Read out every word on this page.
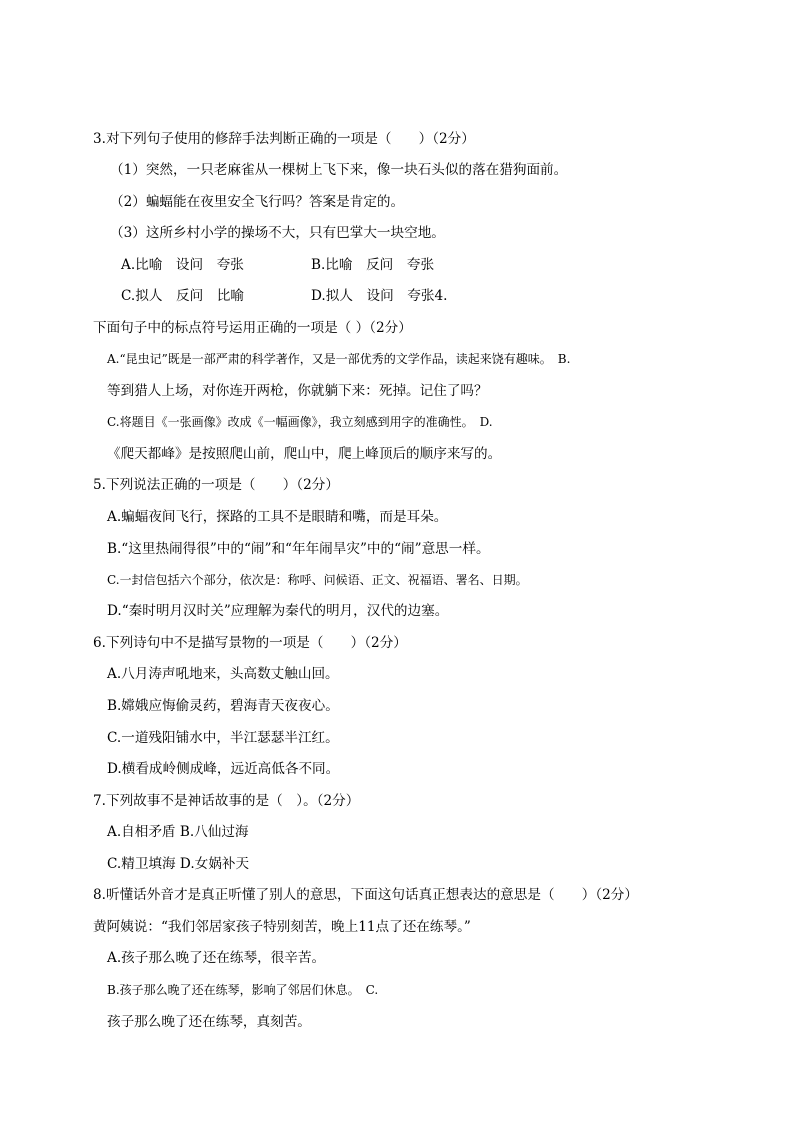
3.对下列句子使用的修辞手法判断正确的一项是（　　）（2分）
（1）突然，一只老麻雀从一棵树上飞下来，像一块石头似的落在猎狗面前。
（2）蝙蝠能在夜里安全飞行吗？答案是肯定的。
（3）这所乡村小学的操场不大，只有巴掌大一块空地。
A.比喻　设问　夸张	B.比喻　反问　夸张
C.拟人　反问　比喻	D.拟人　设问　夸张4.
下面句子中的标点符号运用正确的一项是（ ）（2分）
A.“昆虫记”既是一部严肃的科学著作，又是一部优秀的文学作品，读起来饶有趣味。　B.
等到猎人上场，对你连开两枪，你就躺下来：死掉。记住了吗？
C.将题目《一张画像》改成《一幅画像》，我立刻感到用字的准确性。　D.
《爬天都峰》是按照爬山前，爬山中，爬上峰顶后的顺序来写的。
5.下列说法正确的一项是（　　）（2分）
A.蝙蝠夜间飞行，探路的工具不是眼睛和嘴，而是耳朵。
B.“这里热闹得很”中的“闹”和“年年闹旱灾”中的“闹”意思一样。
C.一封信包括六个部分，依次是：称呼、问候语、正文、祝福语、署名、日期。
D.“秦时明月汉时关”应理解为秦代的明月，汉代的边塞。
6.下列诗句中不是描写景物的一项是（　　）（2分）
A.八月涛声吼地来，头高数丈触山回。
B.嫦娥应悔偷灵药，碧海青天夜夜心。
C.一道残阳铺水中，半江瑟瑟半江红。
D.横看成岭侧成峰，远近高低各不同。
7.下列故事不是神话故事的是（　）。（2分）
A.自相矛盾 B.八仙过海
C.精卫填海 D.女娲补天
8.听懂话外音才是真正听懂了别人的意思，下面这句话真正想表达的意思是（　　）（2分）
黄阿姨说：“我们邻居家孩子特别刻苦，晚上11点了还在练琴。”
A.孩子那么晚了还在练琴，很辛苦。
B.孩子那么晚了还在练琴，影响了邻居们休息。　C.
孩子那么晚了还在练琴，真刻苦。
